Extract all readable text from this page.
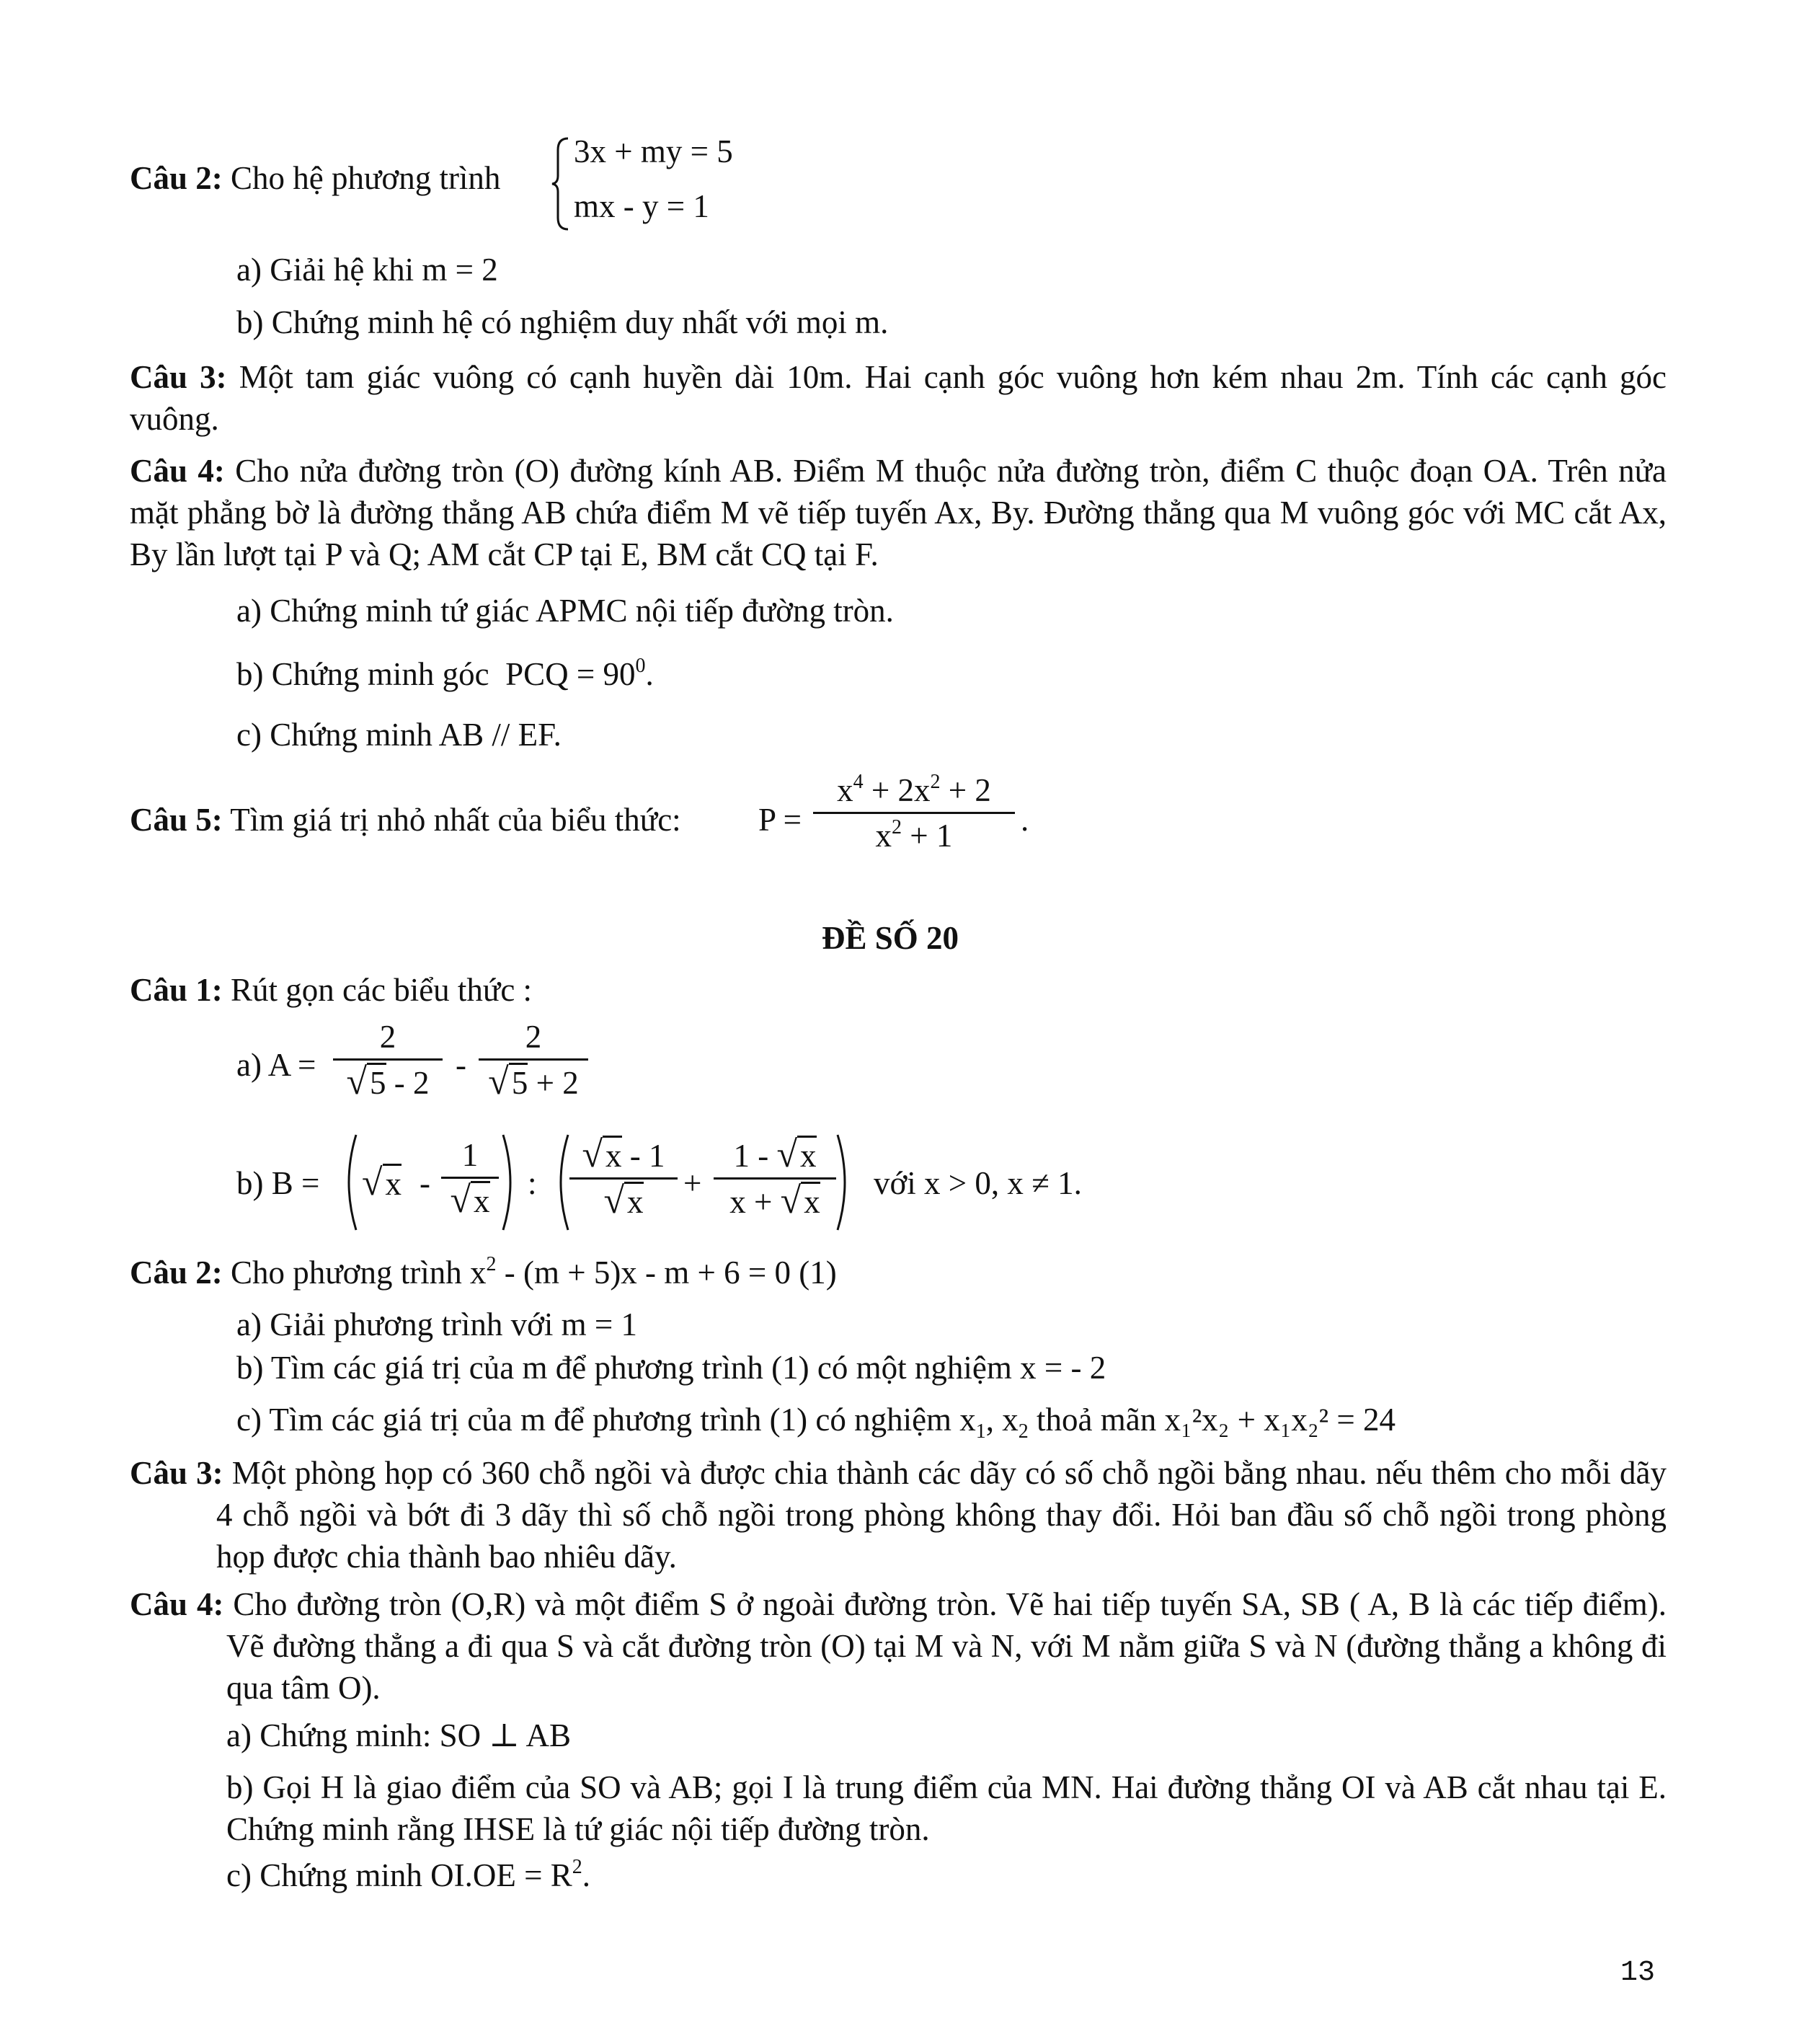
Câu 2: Cho hệ phương trình
3x + my = 5
mx - y = 1
a) Giải hệ khi m = 2
b) Chứng minh hệ có nghiệm duy nhất với mọi m.
Câu 3: Một tam giác vuông có cạnh huyền dài 10m. Hai cạnh góc vuông hơn kém nhau 2m. Tính các cạnh góc vuông.
Câu 4: Cho nửa đường tròn (O) đường kính AB. Điểm M thuộc nửa đường tròn, điểm C thuộc đoạn OA. Trên nửa mặt phẳng bờ là đường thẳng AB chứa điểm M vẽ tiếp tuyến Ax, By. Đường thẳng qua M vuông góc với MC cắt Ax, By lần lượt tại P và Q; AM cắt CP tại E, BM cắt CQ tại F.
a) Chứng minh tứ giác APMC nội tiếp đường tròn.
b) Chứng minh góc PCQ = $90^0$.
c) Chứng minh AB // EF.
Câu 5: Tìm giá trị nhỏ nhất của biểu thức: P =
$x^4 + 2x^2 + 2$
$x^2 + 1$	.
ĐỀ SỐ 20
Câu 1: Rút gọn các biểu thức :
a) A =
2
√5 - 2 -
2
√5 + 2
b) B = √x -
1
√x :
√x - 1
√x
+
1 - √x
x + √x
với x > 0, x ≠ 1.
Câu 2: Cho phương trình $x^2 - (m + 5)x - m + 6 = 0$ (1)
a) Giải phương trình với m = 1
b) Tìm các giá trị của m để phương trình (1) có một nghiệm x = - 2
c) Tìm các giá trị của m để phương trình (1) có nghiệm $x_1$, $x_2$ thoả mãn x₁²x₂ + x₁x₂² = 24
Câu 3: Một phòng họp có 360 chỗ ngồi và được chia thành các dãy có số chỗ ngồi bằng nhau. nếu thêm cho mỗi dãy 4 chỗ ngồi và bớt đi 3 dãy thì số chỗ ngồi trong phòng không thay đổi. Hỏi ban đầu số chỗ ngồi trong phòng họp được chia thành bao nhiêu dãy.
Câu 4: Cho đường tròn (O,R) và một điểm S ở ngoài đường tròn. Vẽ hai tiếp tuyến SA, SB ( A, B là các tiếp điểm). Vẽ đường thẳng a đi qua S và cắt đường tròn (O) tại M và N, với M nằm giữa S và N (đường thẳng a không đi qua tâm O).
a) Chứng minh: SO ⊥ AB
b) Gọi H là giao điểm của SO và AB; gọi I là trung điểm của MN. Hai đường thẳng OI và AB cắt nhau tại E. Chứng minh rằng IHSE là tứ giác nội tiếp đường tròn.
c) Chứng minh $OI.OE = R^2$.
13
